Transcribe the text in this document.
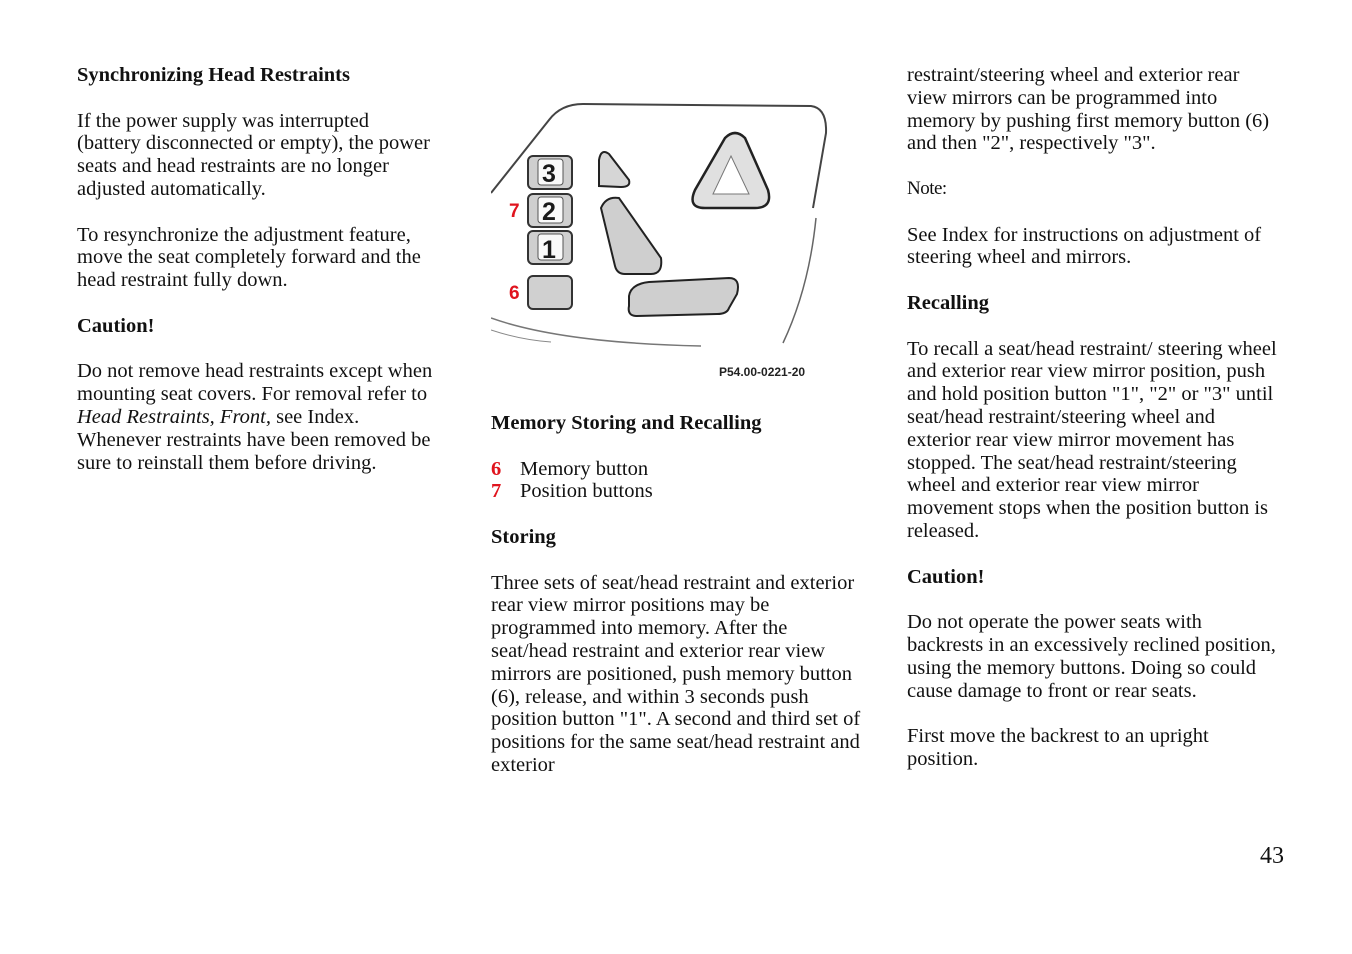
Synchronizing Head Restraints

If the power supply was interrupted (battery disconnected or empty), the power seats and head restraints are no longer adjusted automatically.

To resynchronize the adjustment feature, move the seat completely forward and the head restraint fully down.

Caution!

Do not remove head restraints except when mounting seat covers. For removal refer to Head Restraints, Front, see Index. Whenever restraints have been removed be sure to reinstall them before driving.

7
6
3
2
1
P54.00-0221-20
Memory Storing and Recalling
6 Memory button
7 Position buttons
Storing

Three sets of seat/head restraint and exterior rear view mirror positions may be programmed into memory. After the seat/head restraint and exterior rear view mirrors are positioned, push memory button (6), release, and within 3 seconds push position button "1". A second and third set of positions for the same seat/head restraint and exterior

restraint/steering wheel and exterior rear view mirrors can be programmed into memory by pushing first memory button (6) and then "2", respectively "3".

Note:

See Index for instructions on adjustment of steering wheel and mirrors.

Recalling

To recall a seat/head restraint/ steering wheel and exterior rear view mirror position, push and hold position button "1", "2" or "3" until seat/head restraint/steering wheel and exterior rear view mirror movement has stopped. The seat/head restraint/steering wheel and exterior rear view mirror movement stops when the position button is released.

Caution!

Do not operate the power seats with backrests in an excessively reclined position, using the memory buttons. Doing so could cause damage to front or rear seats.

First move the backrest to an upright position.

43
